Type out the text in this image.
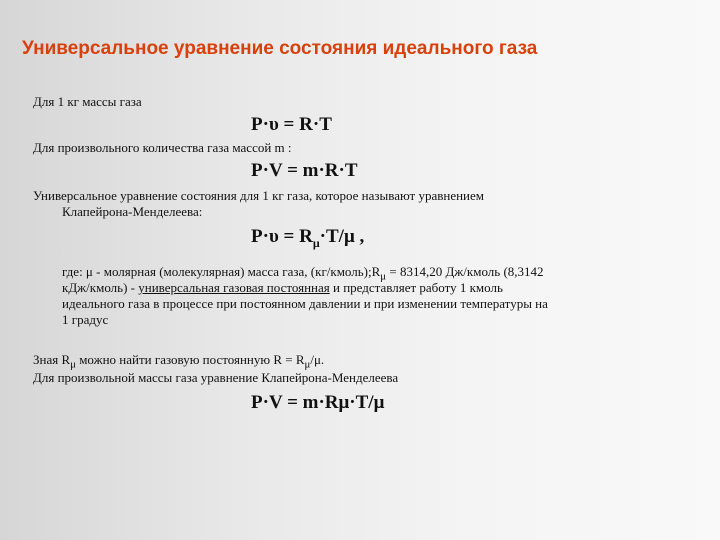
Универсальное уравнение состояния идеального газа
Для 1 кг массы газа
P·υ = R·T
Для произвольного количества газа массой m :
P·V = m·R·T
Универсальное уравнение состояния для 1 кг газа, которое называют уравнением
Клапейрона-Менделеева:
$P\cdot\upsilon = R_\mu\cdot T/\mu$ ,
где: μ - молярная (молекулярная) масса газа, $(кг/кмоль);R_\mu = 8314,20$ Дж/кмоль (8,3142
кДж/кмоль) - универсальная газовая постоянная и представляет работу 1 кмоль
идеального газа в процессе при постоянном давлении и при изменении температуры на
1 градус
Зная $R_\mu$ можно найти газовую постоянную $R = R_\mu/\mu$.
Для произвольной массы газа уравнение Клапейрона-Менделеева
P·V = m·Rμ·T/μ
